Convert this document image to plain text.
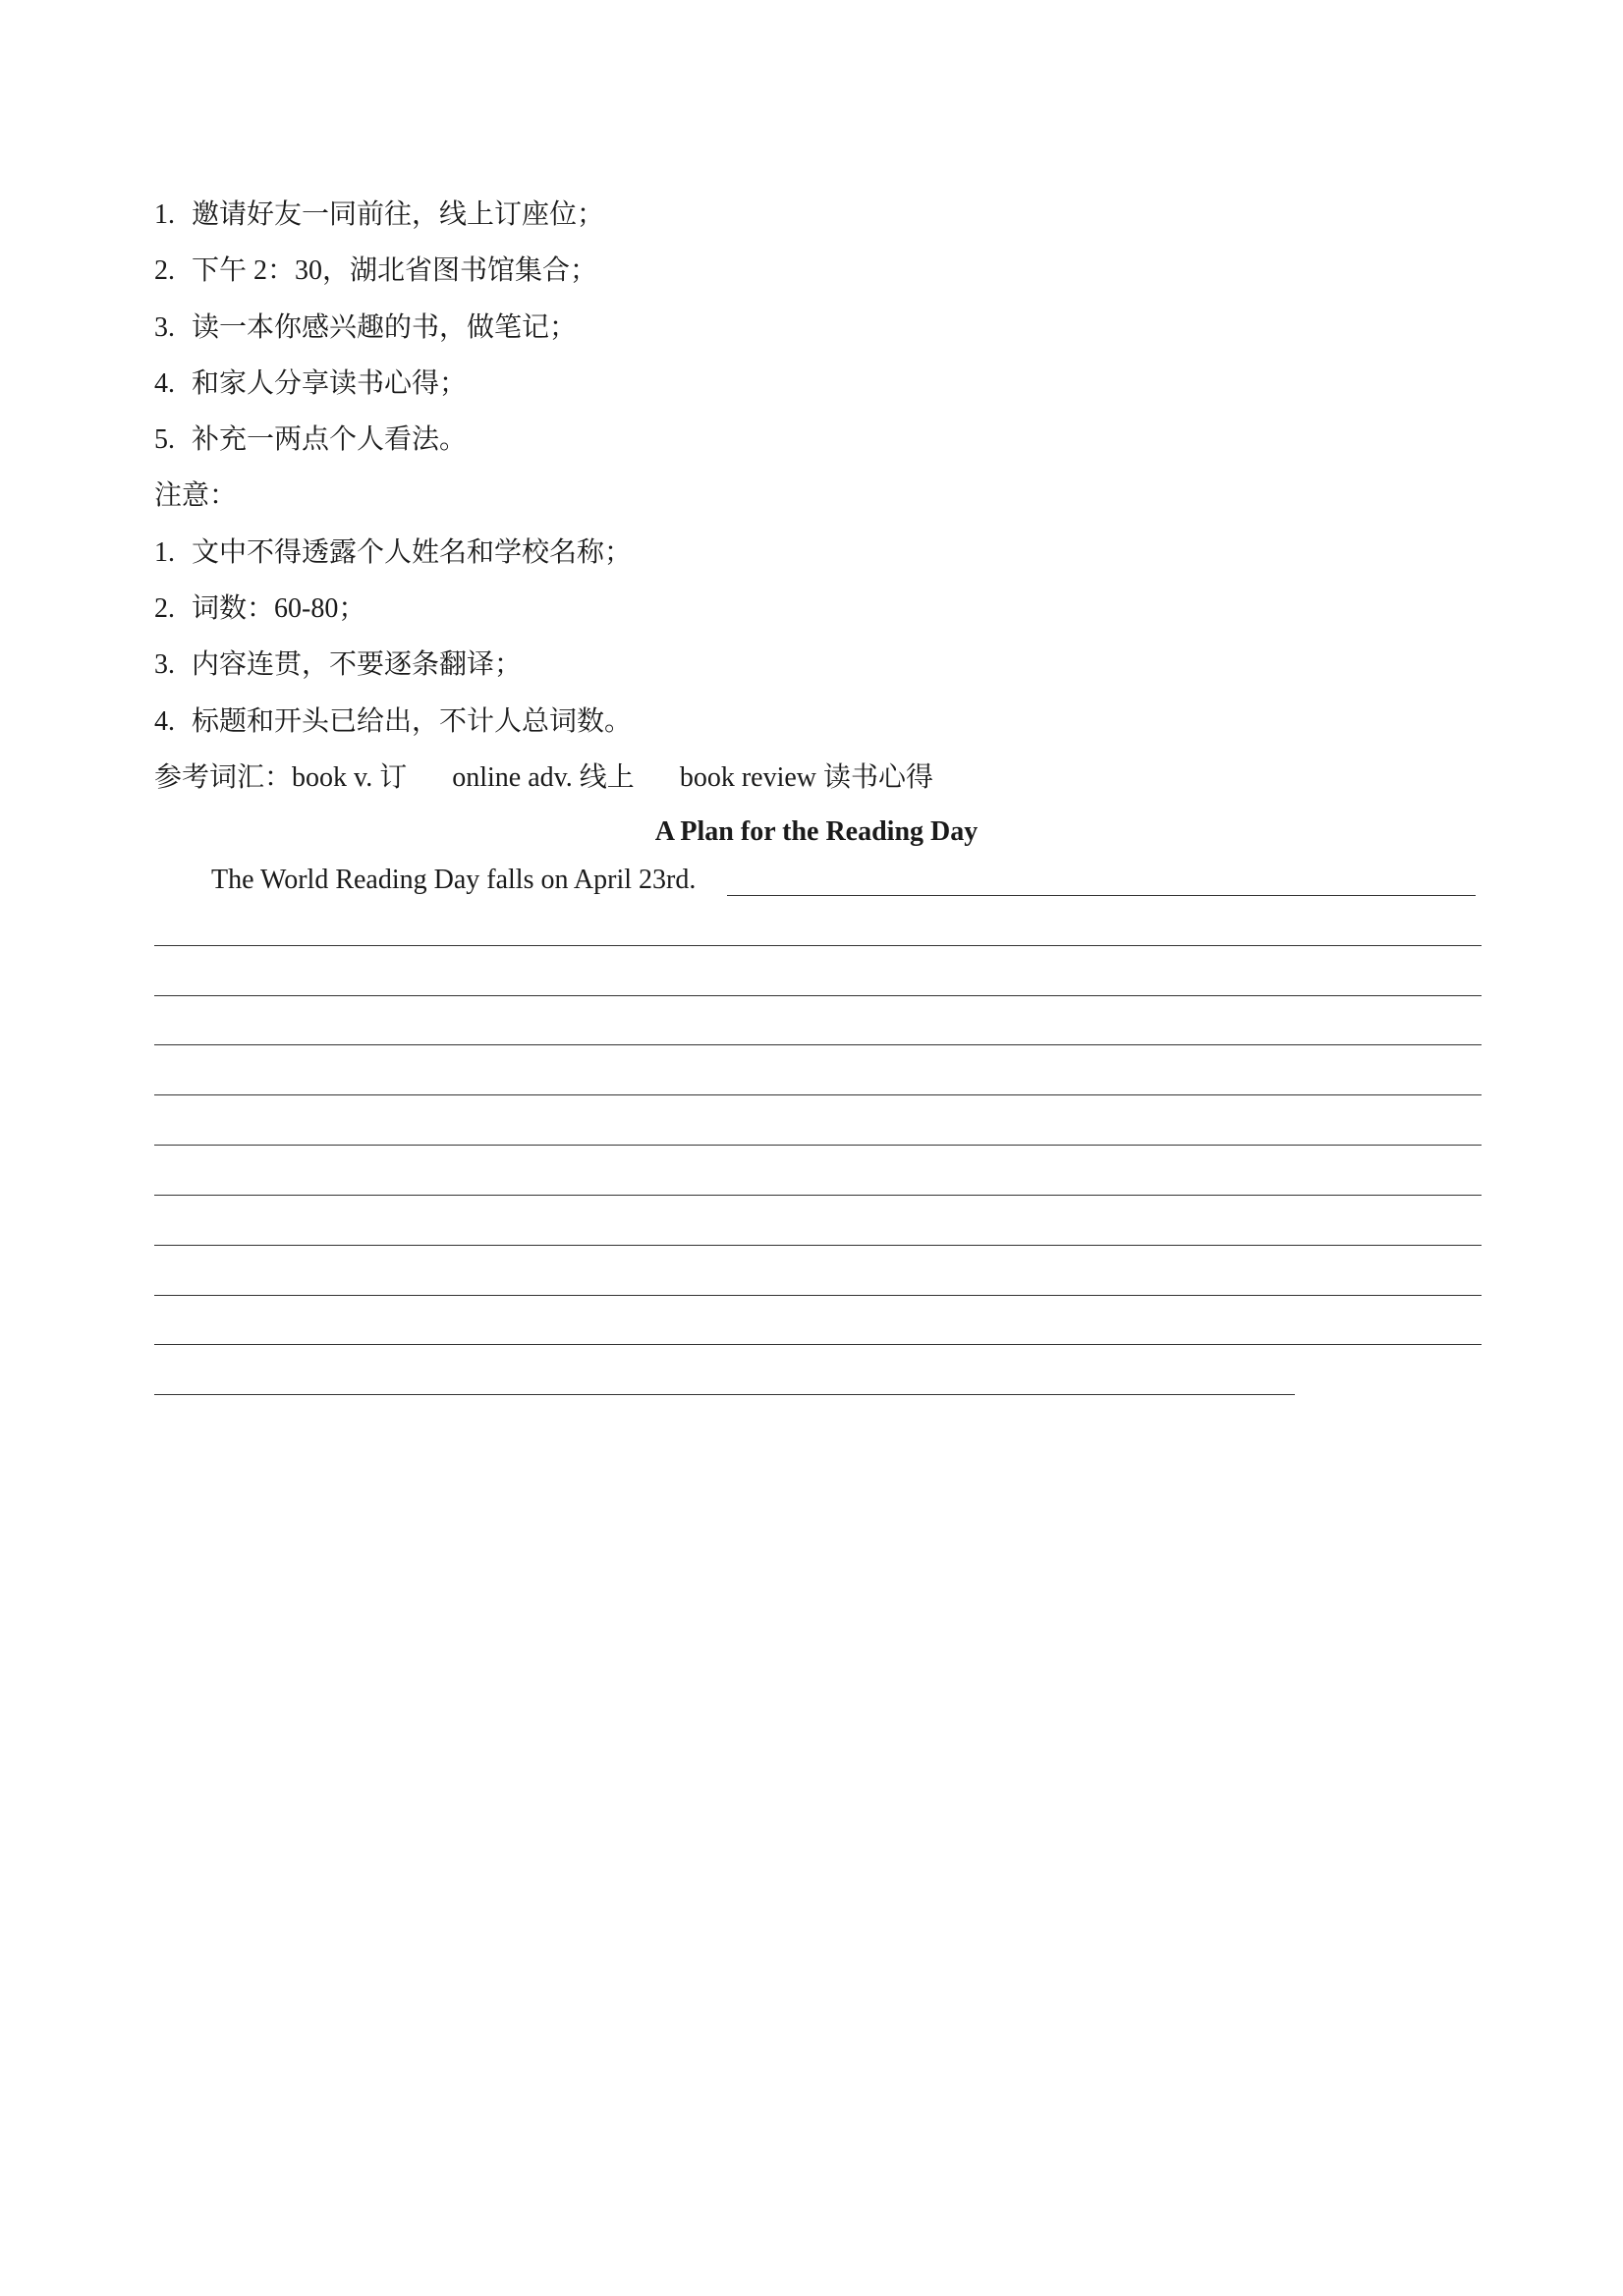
1. 邀请好友一同前往，线上订座位；
2. 下午 2：30，湖北省图书馆集合；
3. 读一本你感兴趣的书，做笔记；
4. 和家人分享读书心得；
5. 补充一两点个人看法。
注意：
1. 文中不得透露个人姓名和学校名称；
2. 词数：60-80；
3. 内容连贯，不要逐条翻译；
4. 标题和开头已给出，不计人总词数。
参考词汇：book v. 订 online adv. 线上 book review 读书心得
A Plan for the Reading Day
The World Reading Day falls on April 23rd.
